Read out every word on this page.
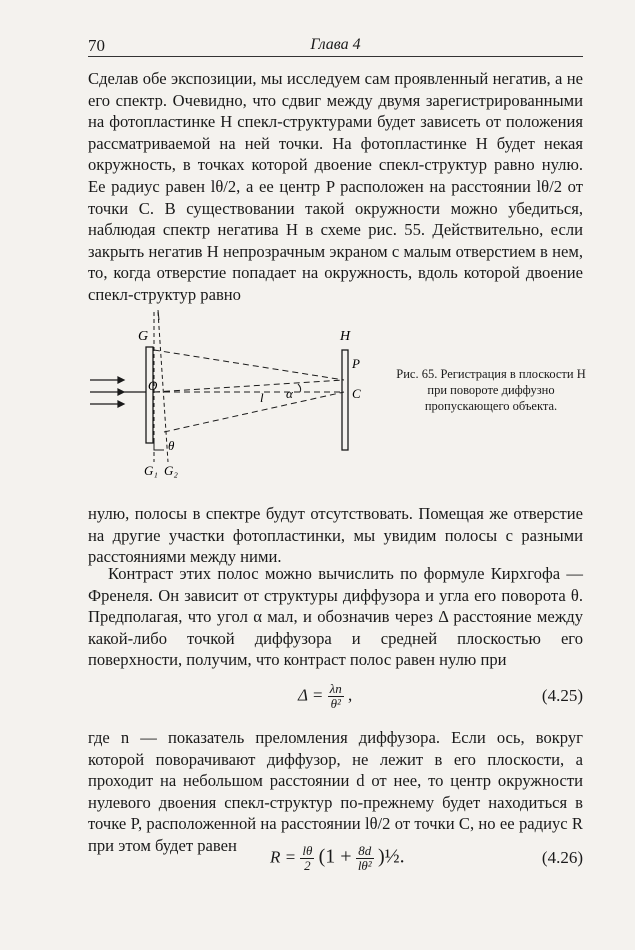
70	Глава 4

Сделав обе экспозиции, мы исследуем сам проявленный негатив, а не его спектр. Очевидно, что сдвиг между двумя зарегистрированными на фотопластинке H спекл-структурами будет зависеть от положения рассматриваемой на ней точки. На фотопластинке H будет некая окружность, в точках которой двоение спекл-структур равно нулю. Ее радиус равен lθ/2, а ее центр P расположен на расстоянии lθ/2 от точки C. В существовании такой окружности можно убедиться, наблюдая спектр негатива H в схеме рис. 55. Действительно, если закрыть негатив H непрозрачным экраном с малым отверстием в нем, то, когда отверстие попадает на окружность, вдоль которой двоение спекл-структур равно

G	H
P
C
O
l α
θ
G₁ G₂
Рис. 65. Регистрация в плоскости H при повороте диффузно пропускающего объекта.

нулю, полосы в спектре будут отсутствовать. Помещая же отверстие на другие участки фотопластинки, мы увидим полосы с разными расстояниями между ними.

Контраст этих полос можно вычислить по формуле Кирхгофа — Френеля. Он зависит от структуры диффузора и угла его поворота θ. Предполагая, что угол α мал, и обозначив через Δ расстояние между какой-либо точкой диффузора и средней плоскостью его поверхности, получим, что контраст полос равен нулю при

$\Delta = \frac{\lambda n}{\text{θ²}}$ ,	(4.25)

где n — показатель преломления диффузора. Если ось, вокруг которой поворачивают диффузор, не лежит в его плоскости, а проходит на небольшом расстоянии d от нее, то центр окружности нулевого двоения спекл-структур по-прежнему будет находиться в точке P, расположенной на расстоянии lθ/2 от точки C, но ее радиус R при этом будет равен

$R = \frac{l\theta}{2} (1 + \frac{8d}{\text{lθ²}}$ )½.	(4.26)
